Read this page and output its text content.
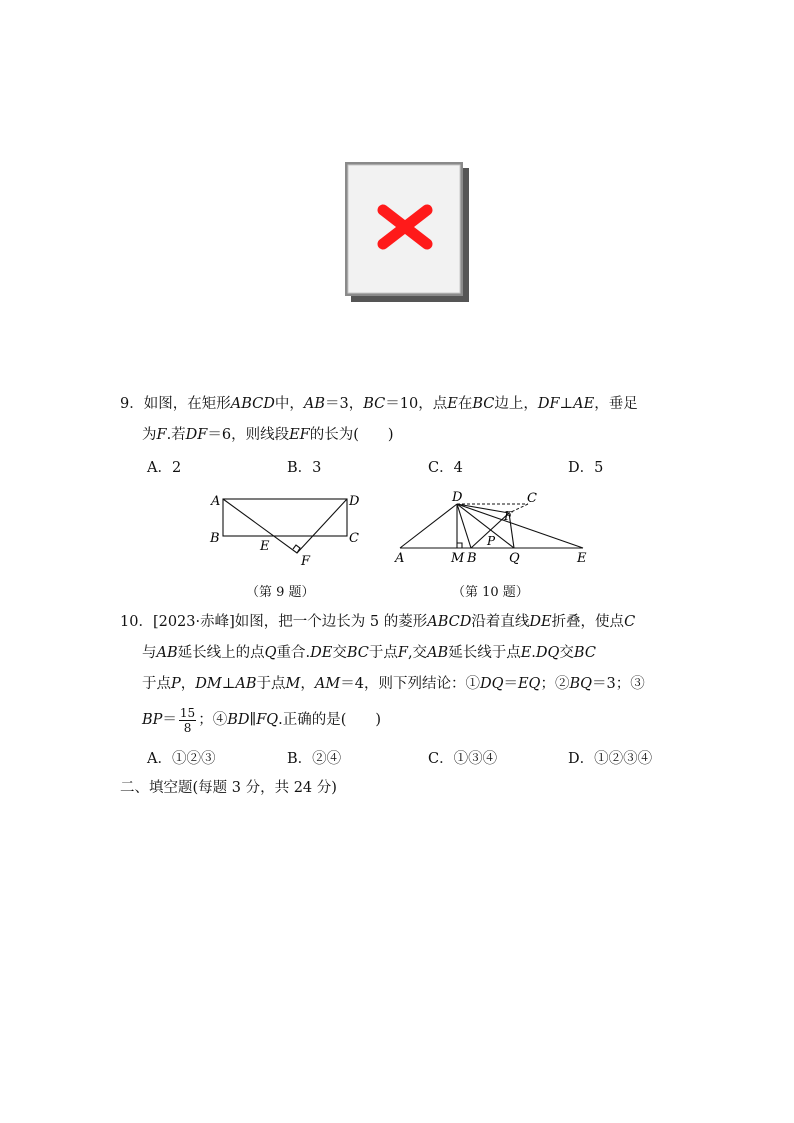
9．如图，在矩形ABCD中，AB＝3，BC＝10，点E在BC边上，DF⊥AE，垂足
为F.若DF＝6，则线段EF的长为(　　)
A．2	B．3	C．4	D．5
A
B
D
C
E
F
（第 9 题）
D	C
F
P
A	M B Q	E
（第 10 题）
10．[2023·赤峰]如图，把一个边长为 5 的菱形ABCD沿着直线DE折叠，使点C
与AB延长线上的点Q重合.DE交BC于点F,交AB延长线于点E.DQ交BC
于点P，DM⊥AB于点M，AM＝4，则下列结论：①DQ＝EQ；②BQ＝3；③
$BP= \frac{15}{8}$ ；④BD∥FQ.正确的是(　　)
A．①②③	B．②④	C．①③④	D．①②③④
二、填空题(每题 3 分，共 24 分)
